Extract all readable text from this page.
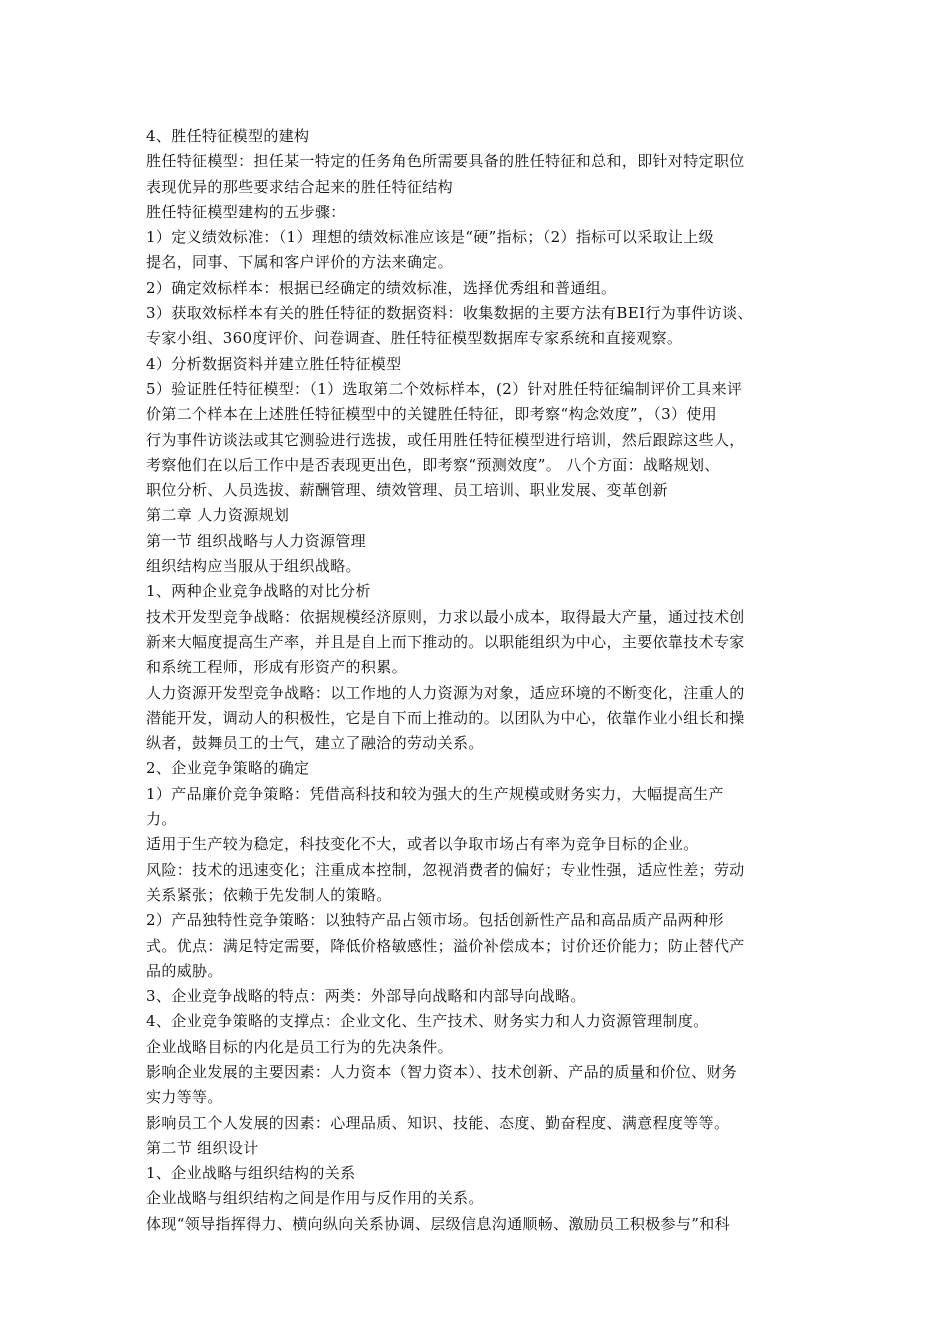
4、胜任特征模型的建构
胜任特征模型：担任某一特定的任务角色所需要具备的胜任特征和总和，即针对特定职位
表现优异的那些要求结合起来的胜任特征结构
胜任特征模型建构的五步骤：
1）定义绩效标准：（1）理想的绩效标准应该是“硬”指标；（2）指标可以采取让上级
提名，同事、下属和客户评价的方法来确定。
2）确定效标样本：根据已经确定的绩效标准，选择优秀组和普通组。
3）获取效标样本有关的胜任特征的数据资料：收集数据的主要方法有BEI行为事件访谈、
专家小组、360度评价、问卷调查、胜任特征模型数据库专家系统和直接观察。
4）分析数据资料并建立胜任特征模型
5）验证胜任特征模型：（1）选取第二个效标样本，(2）针对胜任特征编制评价工具来评
价第二个样本在上述胜任特征模型中的关键胜任特征，即考察“构念效度”，（3）使用
行为事件访谈法或其它测验进行选拔，或任用胜任特征模型进行培训，然后跟踪这些人，
考察他们在以后工作中是否表现更出色，即考察“预测效度”。 八个方面：战略规划、
职位分析、人员选拔、薪酬管理、绩效管理、员工培训、职业发展、变革创新
第二章 人力资源规划
第一节 组织战略与人力资源管理
组织结构应当服从于组织战略。
1、两种企业竞争战略的对比分析
技术开发型竞争战略：依据规模经济原则，力求以最小成本，取得最大产量，通过技术创
新来大幅度提高生产率，并且是自上而下推动的。以职能组织为中心，主要依靠技术专家
和系统工程师，形成有形资产的积累。
人力资源开发型竞争战略：以工作地的人力资源为对象，适应环境的不断变化，注重人的
潜能开发，调动人的积极性，它是自下而上推动的。以团队为中心，依靠作业小组长和操
纵者，鼓舞员工的士气，建立了融洽的劳动关系。
2、企业竞争策略的确定
1）产品廉价竞争策略：凭借高科技和较为强大的生产规模或财务实力，大幅提高生产
力。
适用于生产较为稳定，科技变化不大，或者以争取市场占有率为竞争目标的企业。
风险：技术的迅速变化；注重成本控制，忽视消费者的偏好；专业性强，适应性差；劳动
关系紧张；依赖于先发制人的策略。
2）产品独特性竞争策略：以独特产品占领市场。包括创新性产品和高品质产品两种形
式。优点：满足特定需要，降低价格敏感性；溢价补偿成本；讨价还价能力；防止替代产
品的威胁。
3、企业竞争战略的特点：两类：外部导向战略和内部导向战略。
4、企业竞争策略的支撑点：企业文化、生产技术、财务实力和人力资源管理制度。
企业战略目标的内化是员工行为的先决条件。
影响企业发展的主要因素：人力资本（智力资本）、技术创新、产品的质量和价位、财务
实力等等。
影响员工个人发展的因素：心理品质、知识、技能、态度、勤奋程度、满意程度等等。
第二节 组织设计
1、企业战略与组织结构的关系
企业战略与组织结构之间是作用与反作用的关系。
体现“领导指挥得力、横向纵向关系协调、层级信息沟通顺畅、激励员工积极参与”和科
